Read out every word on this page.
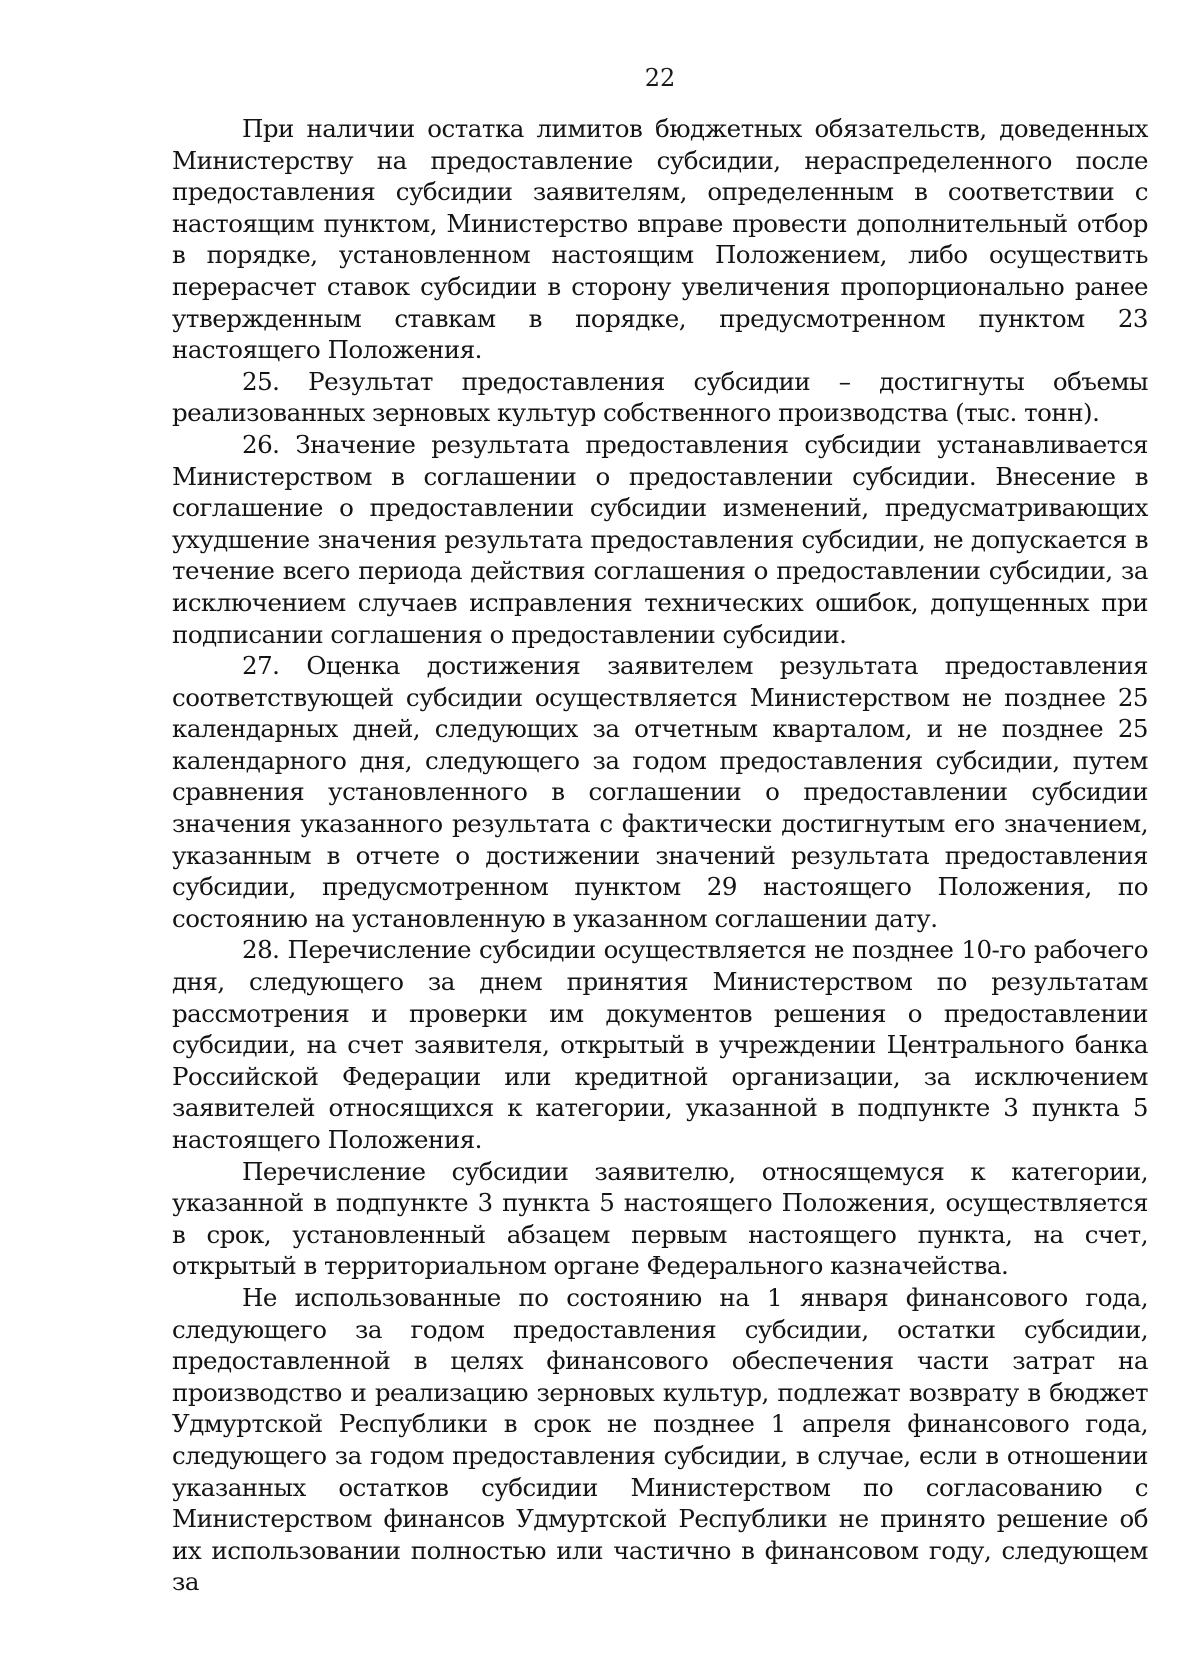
22

При наличии остатка лимитов бюджетных обязательств, доведенных Министерству на предоставление субсидии, нераспределенного после предоставления субсидии заявителям, определенным в соответствии с настоящим пунктом, Министерство вправе провести дополнительный отбор в порядке, установленном настоящим Положением, либо осуществить перерасчет ставок субсидии в сторону увеличения пропорционально ранее утвержденным ставкам в порядке, предусмотренном пунктом 23 настоящего Положения.

25. Результат предоставления субсидии – достигнуты объемы реализованных зерновых культур собственного производства (тыс. тонн).

26. Значение результата предоставления субсидии устанавливается Министерством в соглашении о предоставлении субсидии. Внесение в соглашение о предоставлении субсидии изменений, предусматривающих ухудшение значения результата предоставления субсидии, не допускается в течение всего периода действия соглашения о предоставлении субсидии, за исключением случаев исправления технических ошибок, допущенных при подписании соглашения о предоставлении субсидии.

27. Оценка достижения заявителем результата предоставления соответствующей субсидии осуществляется Министерством не позднее 25 календарных дней, следующих за отчетным кварталом, и не позднее 25 календарного дня, следующего за годом предоставления субсидии, путем сравнения установленного в соглашении о предоставлении субсидии значения указанного результата с фактически достигнутым его значением, указанным в отчете о достижении значений результата предоставления субсидии, предусмотренном пунктом 29 настоящего Положения, по состоянию на установленную в указанном соглашении дату.

28. Перечисление субсидии осуществляется не позднее 10-го рабочего дня, следующего за днем принятия Министерством по результатам рассмотрения и проверки им документов решения о предоставлении субсидии, на счет заявителя, открытый в учреждении Центрального банка Российской Федерации или кредитной организации, за исключением заявителей относящихся к категории, указанной в подпункте 3 пункта 5 настоящего Положения.

Перечисление субсидии заявителю, относящемуся к категории, указанной в подпункте 3 пункта 5 настоящего Положения, осуществляется в срок, установленный абзацем первым настоящего пункта, на счет, открытый в территориальном органе Федерального казначейства.

Не использованные по состоянию на 1 января финансового года, следующего за годом предоставления субсидии, остатки субсидии, предоставленной в целях финансового обеспечения части затрат на производство и реализацию зерновых культур, подлежат возврату в бюджет Удмуртской Республики в срок не позднее 1 апреля финансового года, следующего за годом предоставления субсидии, в случае, если в отношении указанных остатков субсидии Министерством по согласованию с Министерством финансов Удмуртской Республики не принято решение об их использовании полностью или частично в финансовом году, следующем за
